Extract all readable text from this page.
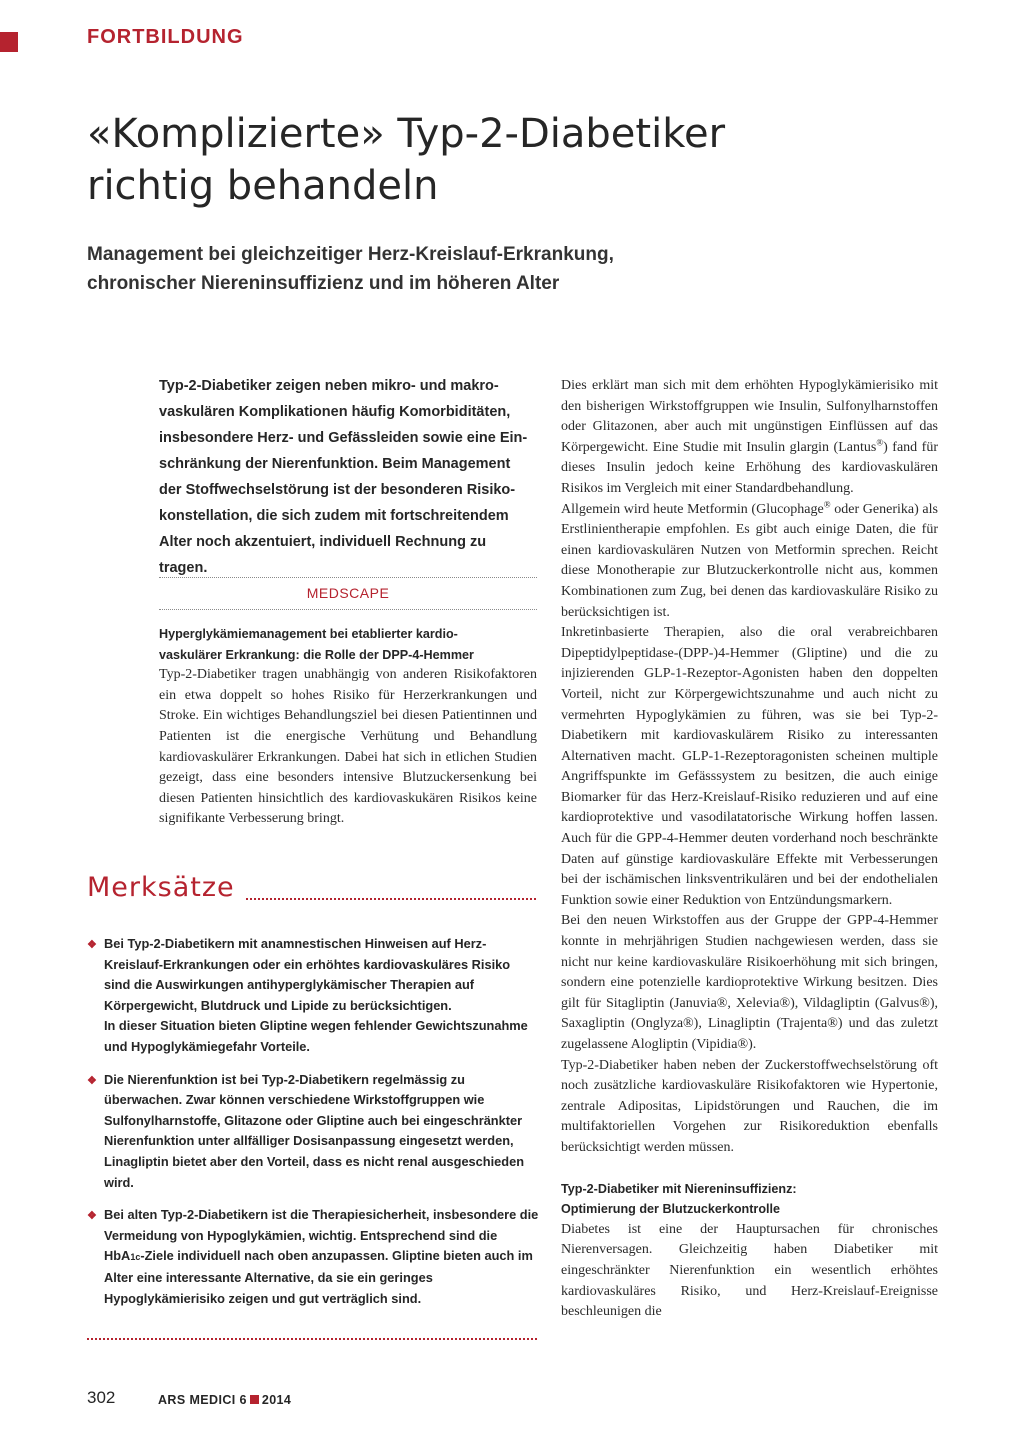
FORTBILDUNG
«Komplizierte» Typ-2-Diabetiker
richtig behandeln
Management bei gleichzeitiger Herz-Kreislauf-Erkrankung,
chronischer Niereninsuffizienz und im höheren Alter

Typ-2-Diabetiker zeigen neben mikro- und makro-
vaskulären Komplikationen häufig Komorbiditäten,
insbesondere Herz- und Gefässleiden sowie eine Ein-
schränkung der Nierenfunktion. Beim Management
der Stoffwechselstörung ist der besonderen Risiko-
konstellation, die sich zudem mit fortschreitendem
Alter noch akzentuiert, individuell Rechnung zu tragen.

MEDSCAPE

Hyperglykämiemanagement bei etablierter kardio-
vaskulärer Erkrankung: die Rolle der DPP-4-Hemmer

Typ-2-Diabetiker tragen unabhängig von anderen Risikofaktoren ein etwa doppelt so hohes Risiko für Herzerkrankungen und Stroke. Ein wichtiges Behandlungsziel bei diesen Patientinnen und Patienten ist die energische Verhütung und Behandlung kardiovaskulärer Erkrankungen. Dabei hat sich in etlichen Studien gezeigt, dass eine besonders intensive Blutzuckersenkung bei diesen Patienten hinsichtlich des kardiovaskukären Risikos keine signifikante Verbesserung bringt.

Merksätze
❖ Bei Typ-2-Diabetikern mit anamnestischen Hinweisen auf Herz-Kreislauf-Erkrankungen oder ein erhöhtes kardiovaskuläres Risiko sind die Auswirkungen antihyperglykämischer Therapien auf Körpergewicht, Blutdruck und Lipide zu berücksichtigen.
In dieser Situation bieten Gliptine wegen fehlender Gewichtszunahme und Hypoglykämiegefahr Vorteile.
❖ Die Nierenfunktion ist bei Typ-2-Diabetikern regelmässig zu überwachen. Zwar können verschiedene Wirkstoffgruppen wie Sulfonylharnstoffe, Glitazone oder Gliptine auch bei eingeschränkter Nierenfunktion unter allfälliger Dosisanpassung eingesetzt werden, Linagliptin bietet aber den Vorteil, dass es nicht renal ausgeschieden wird.
❖ Bei alten Typ-2-Diabetikern ist die Therapiesicherheit, insbesondere die Vermeidung von Hypoglykämien, wichtig. Entsprechend sind die HbA1c-Ziele individuell nach oben anzupassen. Gliptine bieten auch im Alter eine interessante Alternative, da sie ein geringes Hypoglykämierisiko zeigen und gut verträglich sind.

Dies erklärt man sich mit dem erhöhten Hypoglykämierisiko mit den bisherigen Wirkstoffgruppen wie Insulin, Sulfonylharnstoffen oder Glitazonen, aber auch mit ungünstigen Einflüssen auf das Körpergewicht. Eine Studie mit Insulin glargin (Lantus®) fand für dieses Insulin jedoch keine Erhöhung des kardiovaskulären Risikos im Vergleich mit einer Standardbehandlung.

Allgemein wird heute Metformin (Glucophage® oder Generika) als Erstlinientherapie empfohlen. Es gibt auch einige Daten, die für einen kardiovaskulären Nutzen von Metformin sprechen. Reicht diese Monotherapie zur Blutzuckerkontrolle nicht aus, kommen Kombinationen zum Zug, bei denen das kardiovaskuläre Risiko zu berücksichtigen ist.

Inkretinbasierte Therapien, also die oral verabreichbaren Dipeptidylpeptidase-(DPP-)4-Hemmer (Gliptine) und die zu injizierenden GLP-1-Rezeptor-Agonisten haben den doppelten Vorteil, nicht zur Körpergewichtszunahme und auch nicht zu vermehrten Hypoglykämien zu führen, was sie bei Typ-2-Diabetikern mit kardiovaskulärem Risiko zu interessanten Alternativen macht. GLP-1-Rezeptoragonisten scheinen multiple Angriffspunkte im Gefässsystem zu besitzen, die auch einige Biomarker für das Herz-Kreislauf-Risiko reduzieren und auf eine kardioprotektive und vasodilatatorische Wirkung hoffen lassen. Auch für die GPP-4-Hemmer deuten vorderhand noch beschränkte Daten auf günstige kardiovaskuläre Effekte mit Verbesserungen bei der ischämischen linksventrikulären und bei der endothelialen Funktion sowie einer Reduktion von Entzündungsmarkern.

Bei den neuen Wirkstoffen aus der Gruppe der GPP-4-Hemmer konnte in mehrjährigen Studien nachgewiesen werden, dass sie nicht nur keine kardiovaskuläre Risikoerhöhung mit sich bringen, sondern eine potenzielle kardioprotektive Wirkung besitzen. Dies gilt für Sitagliptin (Januvia®, Xelevia®), Vildagliptin (Galvus®), Saxagliptin (Onglyza®), Linagliptin (Trajenta®) und das zuletzt zugelassene Alogliptin (Vipidia®).

Typ-2-Diabetiker haben neben der Zuckerstoffwechselstörung oft noch zusätzliche kardiovaskuläre Risikofaktoren wie Hypertonie, zentrale Adipositas, Lipidstörungen und Rauchen, die im multifaktoriellen Vorgehen zur Risikoreduktion ebenfalls berücksichtigt werden müssen.

Typ-2-Diabetiker mit Niereninsuffizienz:
Optimierung der Blutzuckerkontrolle

Diabetes ist eine der Hauptursachen für chronisches Nierenversagen. Gleichzeitig haben Diabetiker mit eingeschränkter Nierenfunktion ein wesentlich erhöhtes kardiovaskuläres Risiko, und Herz-Kreislauf-Ereignisse beschleunigen die

302	ARS MEDICI 6 2014
